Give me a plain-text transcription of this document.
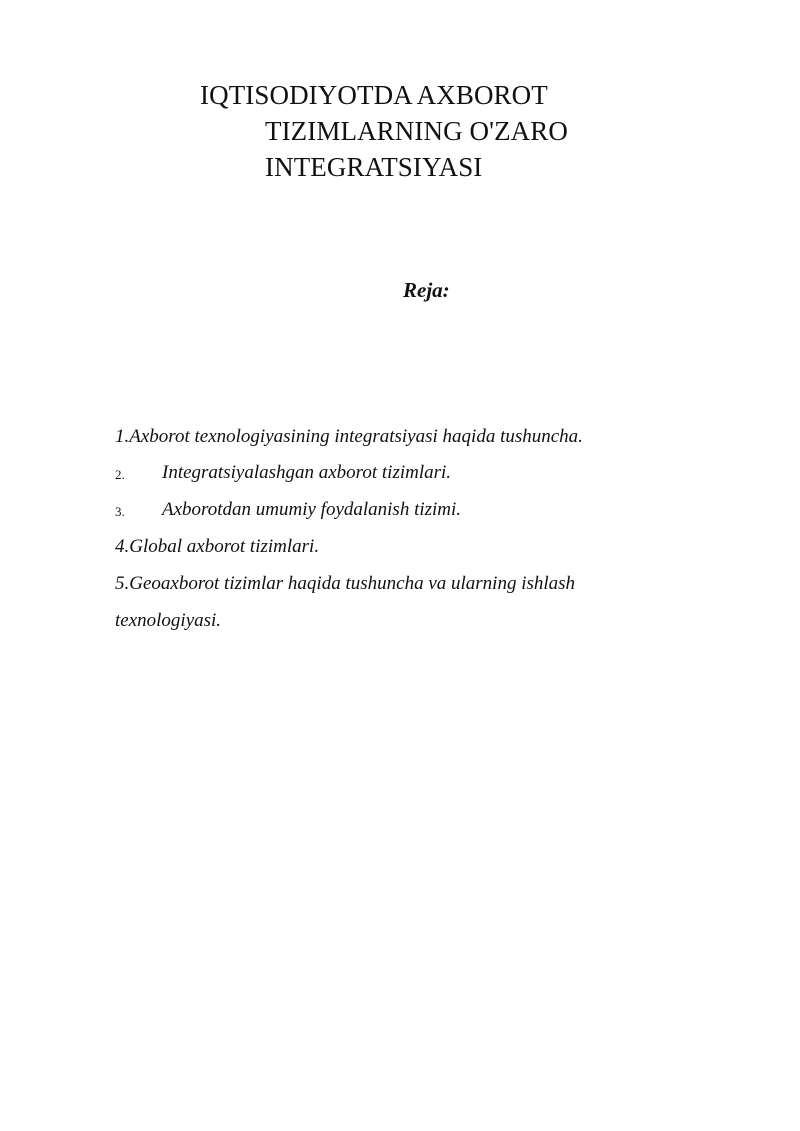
IQTISODIYOTDA AXBOROT
TIZIMLARNING O'ZARO
INTEGRATSIYASI
Reja:
1.Axborot texnologiyasining integratsiyasi haqida tushuncha.
2. Integratsiyalashgan axborot tizimlari.
3. Axborotdan umumiy foydalanish tizimi.
4.Global axborot tizimlari.
5.Geoaxborot tizimlar haqida tushuncha va ularning ishlash
texnologiyasi.
